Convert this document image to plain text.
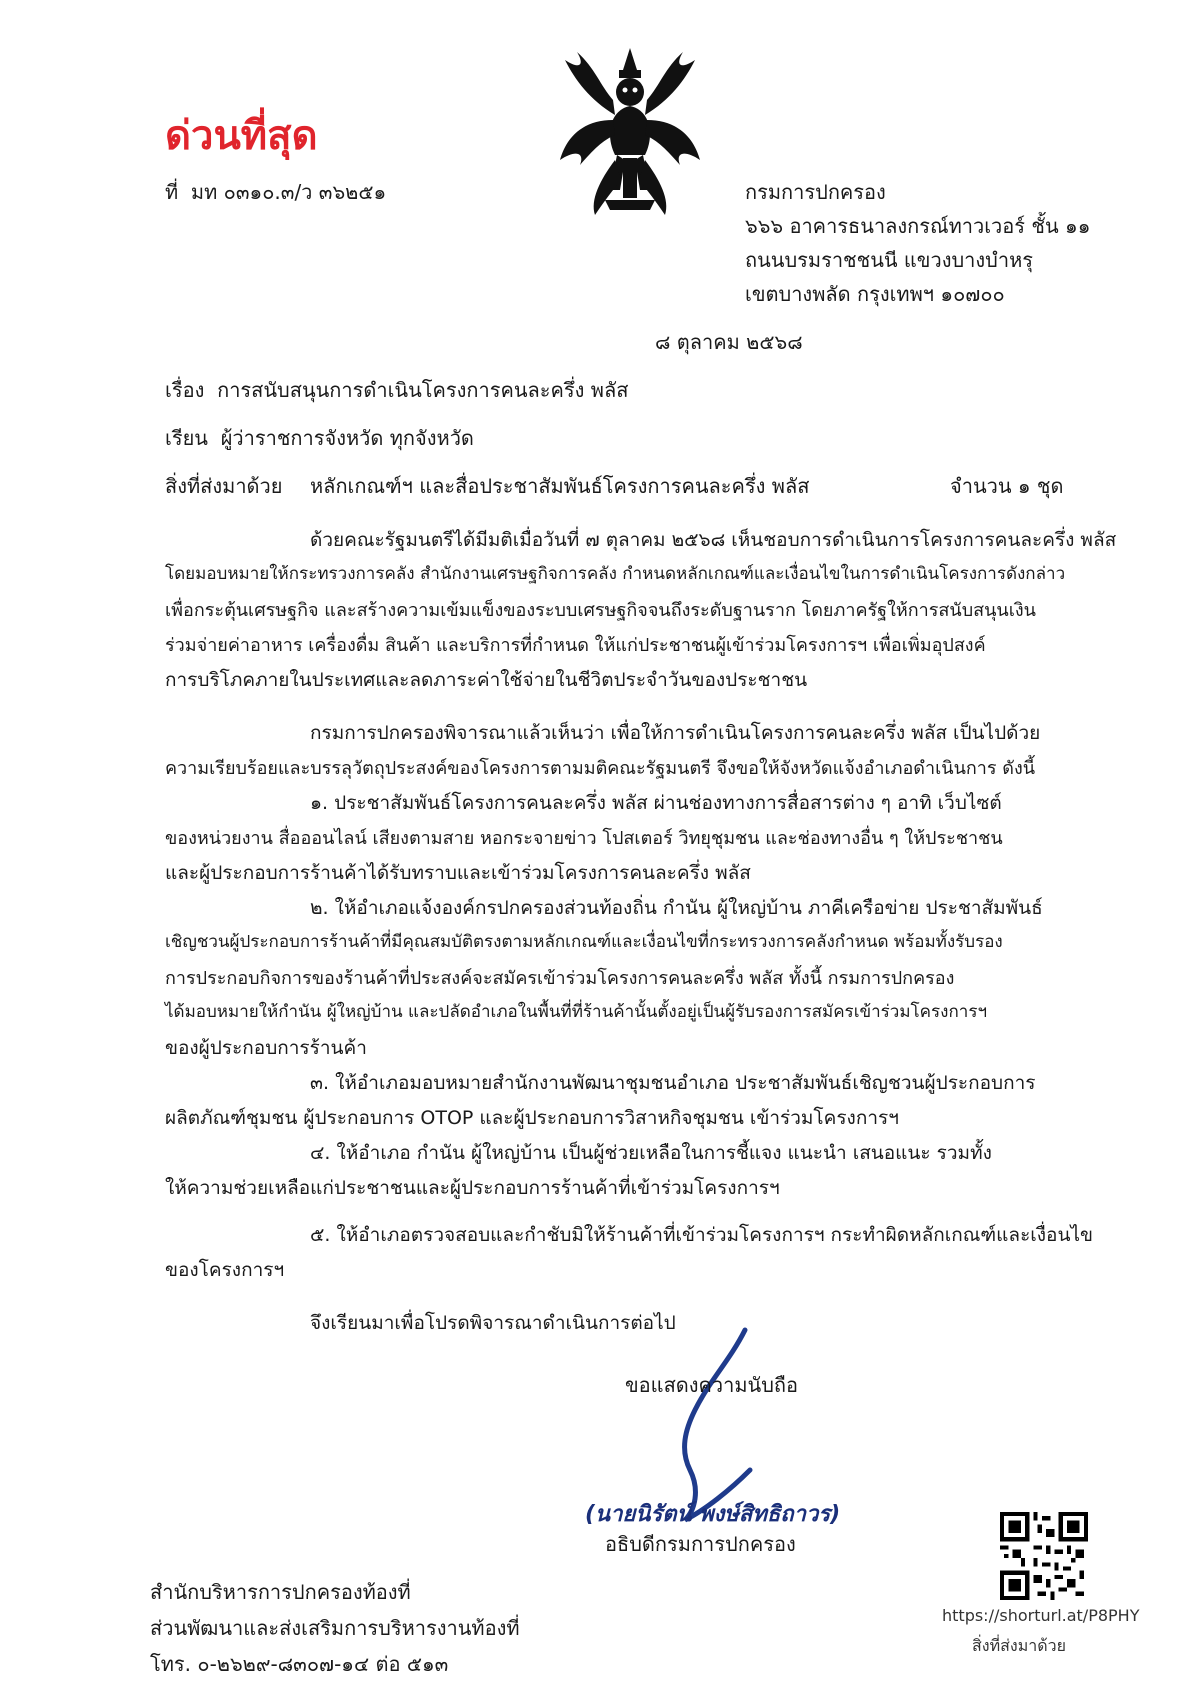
ด่วนที่สุด
ที่ มท ๐๓๑๐.๓/ว ๓๖๒๕๑	กรมการปกครอง
๖๖๖ อาคารธนาลงกรณ์ทาวเวอร์ ชั้น ๑๑
ถนนบรมราชชนนี แขวงบางบำหรุ
เขตบางพลัด กรุงเทพฯ ๑๐๗๐๐
๘ ตุลาคม ๒๕๖๘
เรื่อง การสนับสนุนการดำเนินโครงการคนละครึ่ง พลัส
เรียน ผู้ว่าราชการจังหวัด ทุกจังหวัด
สิ่งที่ส่งมาด้วย หลักเกณฑ์ฯ และสื่อประชาสัมพันธ์โครงการคนละครึ่ง พลัส	จำนวน ๑ ชุด
ด้วยคณะรัฐมนตรีได้มีมติเมื่อวันที่ ๗ ตุลาคม ๒๕๖๘ เห็นชอบการดำเนินการโครงการคนละครึ่ง พลัส
โดยมอบหมายให้กระทรวงการคลัง สำนักงานเศรษฐกิจการคลัง กำหนดหลักเกณฑ์และเงื่อนไขในการดำเนินโครงการดังกล่าว
เพื่อกระตุ้นเศรษฐกิจ และสร้างความเข้มแข็งของระบบเศรษฐกิจจนถึงระดับฐานราก โดยภาครัฐให้การสนับสนุนเงิน
ร่วมจ่ายค่าอาหาร เครื่องดื่ม สินค้า และบริการที่กำหนด ให้แก่ประชาชนผู้เข้าร่วมโครงการฯ เพื่อเพิ่มอุปสงค์
การบริโภคภายในประเทศและลดภาระค่าใช้จ่ายในชีวิตประจำวันของประชาชน
กรมการปกครองพิจารณาแล้วเห็นว่า เพื่อให้การดำเนินโครงการคนละครึ่ง พลัส เป็นไปด้วย
ความเรียบร้อยและบรรลุวัตถุประสงค์ของโครงการตามมติคณะรัฐมนตรี จึงขอให้จังหวัดแจ้งอำเภอดำเนินการ ดังนี้
๑. ประชาสัมพันธ์โครงการคนละครึ่ง พลัส ผ่านช่องทางการสื่อสารต่าง ๆ อาทิ เว็บไซต์
ของหน่วยงาน สื่อออนไลน์ เสียงตามสาย หอกระจายข่าว โปสเตอร์ วิทยุชุมชน และช่องทางอื่น ๆ ให้ประชาชน
และผู้ประกอบการร้านค้าได้รับทราบและเข้าร่วมโครงการคนละครึ่ง พลัส
๒. ให้อำเภอแจ้งองค์กรปกครองส่วนท้องถิ่น กำนัน ผู้ใหญ่บ้าน ภาคีเครือข่าย ประชาสัมพันธ์
เชิญชวนผู้ประกอบการร้านค้าที่มีคุณสมบัติตรงตามหลักเกณฑ์และเงื่อนไขที่กระทรวงการคลังกำหนด พร้อมทั้งรับรอง
การประกอบกิจการของร้านค้าที่ประสงค์จะสมัครเข้าร่วมโครงการคนละครึ่ง พลัส ทั้งนี้ กรมการปกครอง
ได้มอบหมายให้กำนัน ผู้ใหญ่บ้าน และปลัดอำเภอในพื้นที่ที่ร้านค้านั้นตั้งอยู่เป็นผู้รับรองการสมัครเข้าร่วมโครงการฯ
ของผู้ประกอบการร้านค้า
๓. ให้อำเภอมอบหมายสำนักงานพัฒนาชุมชนอำเภอ ประชาสัมพันธ์เชิญชวนผู้ประกอบการ
ผลิตภัณฑ์ชุมชน ผู้ประกอบการ OTOP และผู้ประกอบการวิสาหกิจชุมชน เข้าร่วมโครงการฯ
๔. ให้อำเภอ กำนัน ผู้ใหญ่บ้าน เป็นผู้ช่วยเหลือในการชี้แจง แนะนำ เสนอแนะ รวมทั้ง
ให้ความช่วยเหลือแก่ประชาชนและผู้ประกอบการร้านค้าที่เข้าร่วมโครงการฯ
๕. ให้อำเภอตรวจสอบและกำชับมิให้ร้านค้าที่เข้าร่วมโครงการฯ กระทำผิดหลักเกณฑ์และเงื่อนไข
ของโครงการฯ
จึงเรียนมาเพื่อโปรดพิจารณาดำเนินการต่อไป
ขอแสดงความนับถือ
(นายนิรัตน์ พงษ์สิทธิถาวร)
อธิบดีกรมการปกครอง
สำนักบริหารการปกครองท้องที่
ส่วนพัฒนาและส่งเสริมการบริหารงานท้องที่
โทร. ๐-๒๖๒๙-๘๓๐๗-๑๔ ต่อ ๕๑๓
https://shorturl.at/P8PHY
สิ่งที่ส่งมาด้วย
